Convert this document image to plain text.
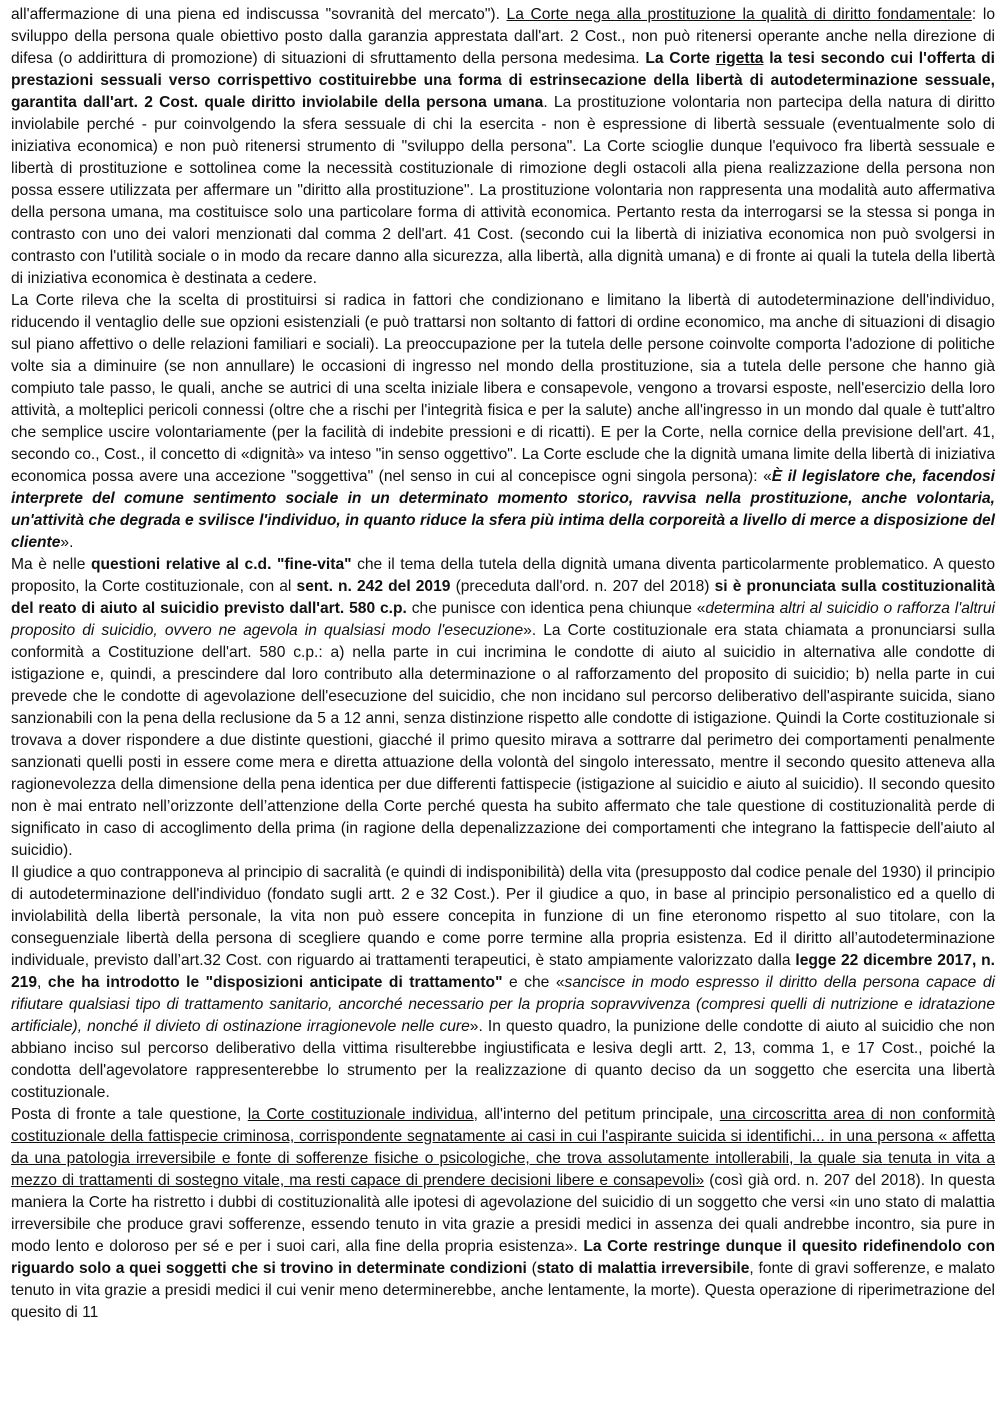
all'affermazione di una piena ed indiscussa "sovranità del mercato"). La Corte nega alla prostituzione la qualità di diritto fondamentale: lo sviluppo della persona quale obiettivo posto dalla garanzia apprestata dall'art. 2 Cost., non può ritenersi operante anche nella direzione di difesa (o addirittura di promozione) di situazioni di sfruttamento della persona medesima. La Corte rigetta la tesi secondo cui l'offerta di prestazioni sessuali verso corrispettivo costituirebbe una forma di estrinsecazione della libertà di autodeterminazione sessuale, garantita dall'art. 2 Cost. quale diritto inviolabile della persona umana. La prostituzione volontaria non partecipa della natura di diritto inviolabile perché - pur coinvolgendo la sfera sessuale di chi la esercita - non è espressione di libertà sessuale (eventualmente solo di iniziativa economica) e non può ritenersi strumento di "sviluppo della persona". La Corte scioglie dunque l'equivoco fra libertà sessuale e libertà di prostituzione e sottolinea come la necessità costituzionale di rimozione degli ostacoli alla piena realizzazione della persona non possa essere utilizzata per affermare un "diritto alla prostituzione". La prostituzione volontaria non rappresenta una modalità auto affermativa della persona umana, ma costituisce solo una particolare forma di attività economica. Pertanto resta da interrogarsi se la stessa si ponga in contrasto con uno dei valori menzionati dal comma 2 dell'art. 41 Cost. (secondo cui la libertà di iniziativa economica non può svolgersi in contrasto con l'utilità sociale o in modo da recare danno alla sicurezza, alla libertà, alla dignità umana) e di fronte ai quali la tutela della libertà di iniziativa economica è destinata a cedere.

La Corte rileva che la scelta di prostituirsi si radica in fattori che condizionano e limitano la libertà di autodeterminazione dell'individuo, riducendo il ventaglio delle sue opzioni esistenziali (e può trattarsi non soltanto di fattori di ordine economico, ma anche di situazioni di disagio sul piano affettivo o delle relazioni familiari e sociali). La preoccupazione per la tutela delle persone coinvolte comporta l'adozione di politiche volte sia a diminuire (se non annullare) le occasioni di ingresso nel mondo della prostituzione, sia a tutela delle persone che hanno già compiuto tale passo, le quali, anche se autrici di una scelta iniziale libera e consapevole, vengono a trovarsi esposte, nell'esercizio della loro attività, a molteplici pericoli connessi (oltre che a rischi per l'integrità fisica e per la salute) anche all'ingresso in un mondo dal quale è tutt'altro che semplice uscire volontariamente (per la facilità di indebite pressioni e di ricatti). E per la Corte, nella cornice della previsione dell'art. 41, secondo co., Cost., il concetto di «dignità» va inteso "in senso oggettivo". La Corte esclude che la dignità umana limite della libertà di iniziativa economica possa avere una accezione "soggettiva" (nel senso in cui al concepisce ogni singola persona): «È il legislatore che, facendosi interprete del comune sentimento sociale in un determinato momento storico, ravvisa nella prostituzione, anche volontaria, un'attività che degrada e svilisce l'individuo, in quanto riduce la sfera più intima della corporeità a livello di merce a disposizione del cliente».

Ma è nelle questioni relative al c.d. "fine-vita" che il tema della tutela della dignità umana diventa particolarmente problematico. A questo proposito, la Corte costituzionale, con al sent. n. 242 del 2019 (preceduta dall'ord. n. 207 del 2018) si è pronunciata sulla costituzionalità del reato di aiuto al suicidio previsto dall'art. 580 c.p. che punisce con identica pena chiunque «determina altri al suicidio o rafforza l'altrui proposito di suicidio, ovvero ne agevola in qualsiasi modo l'esecuzione». La Corte costituzionale era stata chiamata a pronunciarsi sulla conformità a Costituzione dell'art. 580 c.p.: a) nella parte in cui incrimina le condotte di aiuto al suicidio in alternativa alle condotte di istigazione e, quindi, a prescindere dal loro contributo alla determinazione o al rafforzamento del proposito di suicidio; b) nella parte in cui prevede che le condotte di agevolazione dell'esecuzione del suicidio, che non incidano sul percorso deliberativo dell'aspirante suicida, siano sanzionabili con la pena della reclusione da 5 a 12 anni, senza distinzione rispetto alle condotte di istigazione. Quindi la Corte costituzionale si trovava a dover rispondere a due distinte questioni, giacché il primo quesito mirava a sottrarre dal perimetro dei comportamenti penalmente sanzionati quelli posti in essere come mera e diretta attuazione della volontà del singolo interessato, mentre il secondo quesito atteneva alla ragionevolezza della dimensione della pena identica per due differenti fattispecie (istigazione al suicidio e aiuto al suicidio). Il secondo quesito non è mai entrato nell’orizzonte dell’attenzione della Corte perché questa ha subito affermato che tale questione di costituzionalità perde di significato in caso di accoglimento della prima (in ragione della depenalizzazione dei comportamenti che integrano la fattispecie dell'aiuto al suicidio).

Il giudice a quo contrapponeva al principio di sacralità (e quindi di indisponibilità) della vita (presupposto dal codice penale del 1930) il principio di autodeterminazione dell'individuo (fondato sugli artt. 2 e 32 Cost.). Per il giudice a quo, in base al principio personalistico ed a quello di inviolabilità della libertà personale, la vita non può essere concepita in funzione di un fine eteronomo rispetto al suo titolare, con la conseguenziale libertà della persona di scegliere quando e come porre termine alla propria esistenza. Ed il diritto all’autodeterminazione individuale, previsto dall’art.32 Cost. con riguardo ai trattamenti terapeutici, è stato ampiamente valorizzato dalla legge 22 dicembre 2017, n. 219, che ha introdotto le "disposizioni anticipate di trattamento" e che «sancisce in modo espresso il diritto della persona capace di rifiutare qualsiasi tipo di trattamento sanitario, ancorché necessario per la propria sopravvivenza (compresi quelli di nutrizione e idratazione artificiale), nonché il divieto di ostinazione irragionevole nelle cure». In questo quadro, la punizione delle condotte di aiuto al suicidio che non abbiano inciso sul percorso deliberativo della vittima risulterebbe ingiustificata e lesiva degli artt. 2, 13, comma 1, e 17 Cost., poiché la condotta dell'agevolatore rappresenterebbe lo strumento per la realizzazione di quanto deciso da un soggetto che esercita una libertà costituzionale.

Posta di fronte a tale questione, la Corte costituzionale individua, all'interno del petitum principale, una circoscritta area di non conformità costituzionale della fattispecie criminosa, corrispondente segnatamente ai casi in cui l'aspirante suicida si identifichi... in una persona « affetta da una patologia irreversibile e fonte di sofferenze fisiche o psicologiche, che trova assolutamente intollerabili, la quale sia tenuta in vita a mezzo di trattamenti di sostegno vitale, ma resti capace di prendere decisioni libere e consapevoli» (così già ord. n. 207 del 2018). In questa maniera la Corte ha ristretto i dubbi di costituzionalità alle ipotesi di agevolazione del suicidio di un soggetto che versi «in uno stato di malattia irreversibile che produce gravi sofferenze, essendo tenuto in vita grazie a presidi medici in assenza dei quali andrebbe incontro, sia pure in modo lento e doloroso per sé e per i suoi cari, alla fine della propria esistenza». La Corte restringe dunque il quesito ridefinendolo con riguardo solo a quei soggetti che si trovino in determinate condizioni (stato di malattia irreversibile, fonte di gravi sofferenze, e malato tenuto in vita grazie a presidi medici il cui venir meno determinerebbe, anche lentamente, la morte). Questa operazione di riperimetrazione del quesito di 11
